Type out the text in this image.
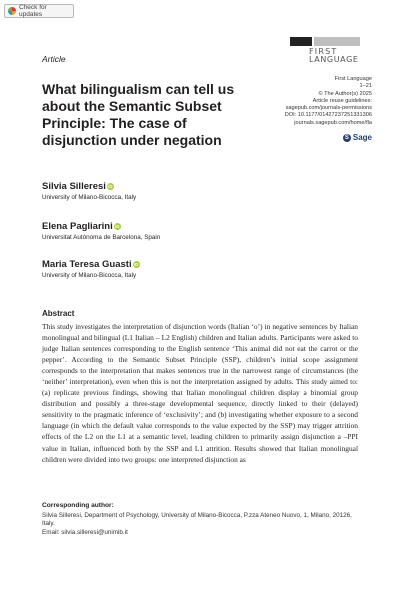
Check for updates
Article
FIRST
LANGUAGE
First Language
1–21
© The Author(s) 2025
Article reuse guidelines:
sagepub.com/journals-permissions
DOI: 10.1177/01427237251331306
journals.sagepub.com/home/fla
S Sage
What bilingualism can tell us about the Semantic Subset Principle: The case of disjunction under negation
Silvia Silleresi iD
University of Milano-Bicocca, Italy
Elena Pagliarini iD
Universitat Autònoma de Barcelona, Spain
Maria Teresa Guasti iD
University of Milano-Bicocca, Italy
Abstract
This study investigates the interpretation of disjunction words (Italian ‘o’) in negative sentences by Italian monolingual and bilingual (L1 Italian – L2 English) children and Italian adults. Participants were asked to judge Italian sentences corresponding to the English sentence ‘This animal did not eat the carrot or the pepper’. According to the Semantic Subset Principle (SSP), children’s initial scope assignment corresponds to the interpretation that makes sentences true in the narrowest range of circumstances (the ‘neither’ interpretation), even when this is not the interpretation assigned by adults. This study aimed to: (a) replicate previous findings, showing that Italian monolingual children display a binomial group distribution and possibly a three-stage developmental sequence, directly linked to their (delayed) sensitivity to the pragmatic inference of ‘exclusivity’; and (b) investigating whether exposure to a second language (in which the default value corresponds to the value expected by the SSP) may trigger attrition effects of the L2 on the L1 at a semantic level, leading children to primarily assign disjunction a –PPI value in Italian, influenced both by the SSP and L1 attrition. Results showed that Italian monolingual children were divided into two groups: one interpreted disjunction as
Corresponding author:
Silvia Silleresi, Department of Psychology, University of Milano-Bicocca, P.zza Ateneo Nuovo, 1, Milano, 20126, Italy.
Email: silvia.silleresi@unimib.it
